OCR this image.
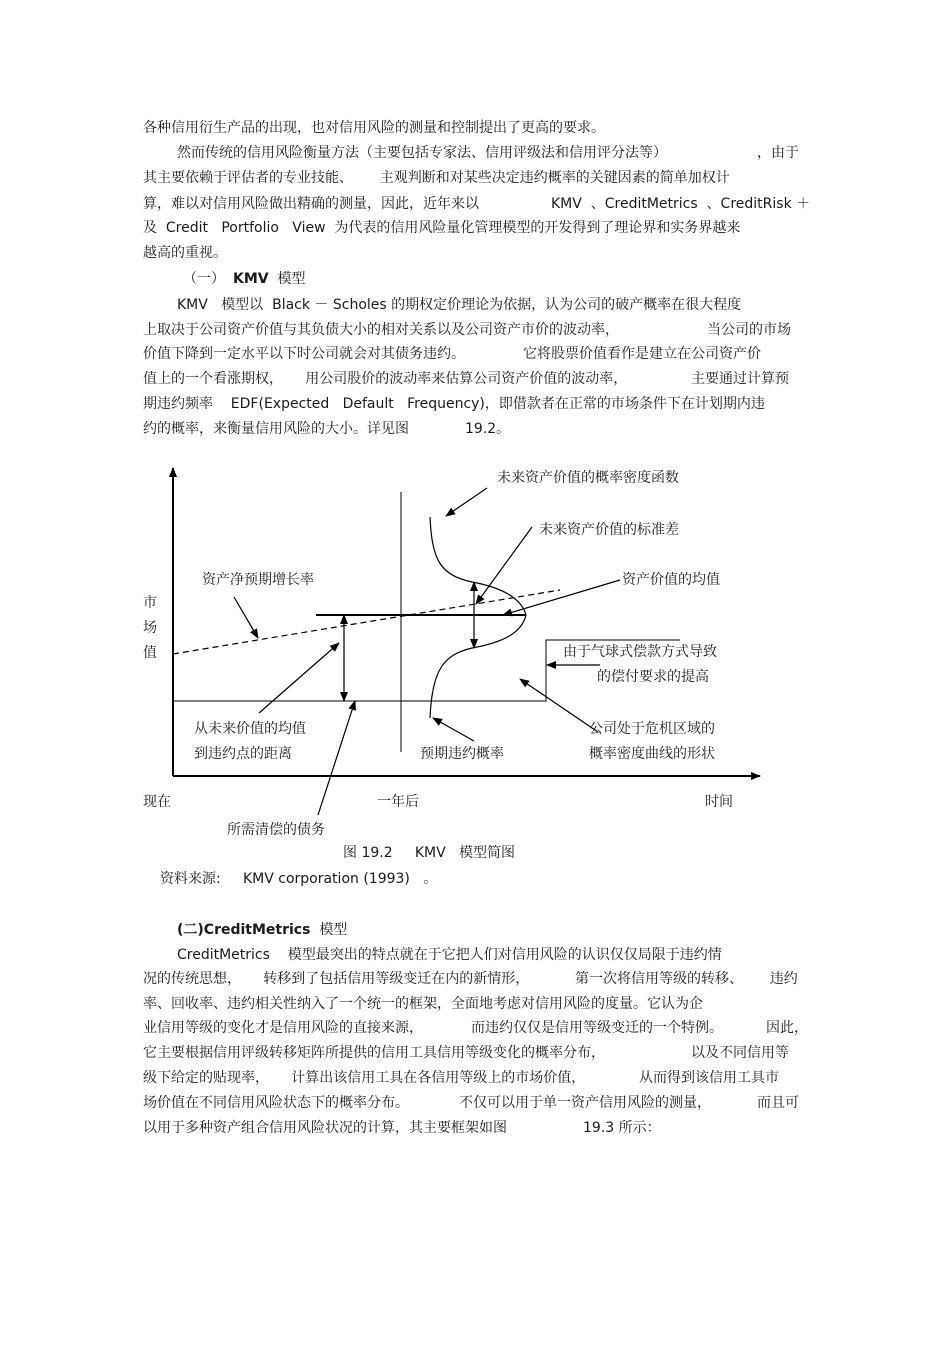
各种信用衍生产品的出现，也对信用风险的测量和控制提出了更高的要求。
然而传统的信用风险衡量方法（主要包括专家法、信用评级法和信用评分法等）	，由于
其主要依赖于评估者的专业技能、      主观判断和对某些决定违约概率的关键因素的简单加权计
算，难以对信用风险做出精确的测量，因此，近年来以	KMV  、CreditMetrics  、CreditRisk ＋
及  Credit   Portfolio   View  为代表的信用风险量化管理模型的开发得到了理论界和实务界越来
越高的重视。
（一） KMV  模型
KMV   模型以  Black － Scholes 的期权定价理论为依据，认为公司的破产概率在很大程度
上取决于公司资产价值与其负债大小的相对关系以及公司资产市价的波动率，	当公司的市场
价值下降到一定水平以下时公司就会对其债务违约。	它将股票价值看作是建立在公司资产价
值上的一个看涨期权，     用公司股价的波动率来估算公司资产价值的波动率，	主要通过计算预
期违约频率    EDF(Expected   Default   Frequency)，即借款者在正常的市场条件下在计划期内违
约的概率，来衡量信用风险的大小。详见图	19.2。
未来资产价值的概率密度函数
未来资产价值的标准差
资产净预期增长率	资产价值的均值
市
场
值	由于气球式偿款方式导致
的偿付要求的提高
从未来价值的均值
到违约点的距离	预期违约概率
公司处于危机区域的
概率密度曲线的形状
现在	一年后	时间
所需清偿的债务
图 19.2     KMV   模型简图
资料来源:     KMV corporation (1993)   。
(二)CreditMetrics  模型
CreditMetrics    模型最突出的特点就在于它把人们对信用风险的认识仅仅局限于违约情
况的传统思想，     转移到了包括信用等级变迁在内的新情形，	第一次将信用等级的转移、      违约
率、回收率、违约相关性纳入了一个统一的框架，全面地考虑对信用风险的度量。它认为企
业信用等级的变化才是信用风险的直接来源，	而违约仅仅是信用等级变迁的一个特例。	因此，
它主要根据信用评级转移矩阵所提供的信用工具信用等级变化的概率分布，	以及不同信用等
级下给定的贴现率，     计算出该信用工具在各信用等级上的市场价值，	从而得到该信用工具市
场价值在不同信用风险状态下的概率分布。	不仅可以用于单一资产信用风险的测量，	而且可
以用于多种资产组合信用风险状况的计算，其主要框架如图	19.3 所示：
